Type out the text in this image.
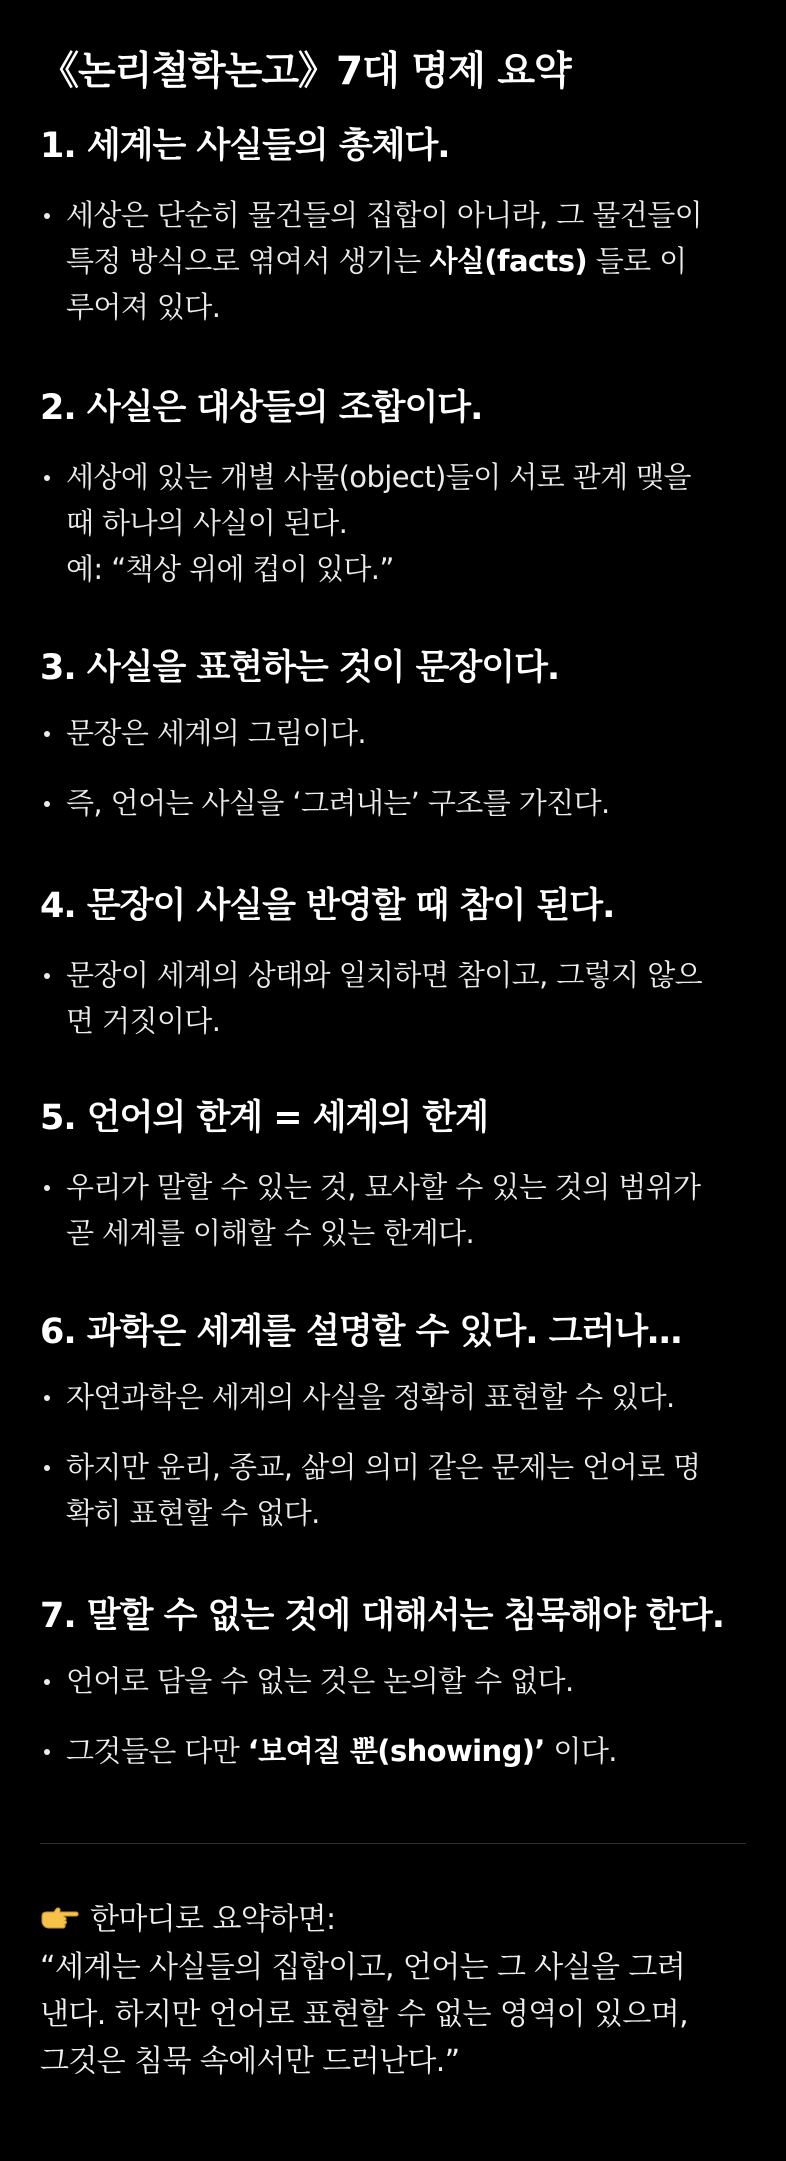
《논리철학논고》7대 명제 요약
1. 세계는 사실들의 총체다.
세상은 단순히 물건들의 집합이 아니라, 그 물건들이
특정 방식으로 엮여서 생기는 사실(facts) 들로 이
루어져 있다.
2. 사실은 대상들의 조합이다.
세상에 있는 개별 사물(object)들이 서로 관계 맺을
때 하나의 사실이 된다.
예: “책상 위에 컵이 있다.”
3. 사실을 표현하는 것이 문장이다.
문장은 세계의 그림이다.
즉, 언어는 사실을 ‘그려내는’ 구조를 가진다.
4. 문장이 사실을 반영할 때 참이 된다.
문장이 세계의 상태와 일치하면 참이고, 그렇지 않으
면 거짓이다.
5. 언어의 한계 = 세계의 한계
우리가 말할 수 있는 것, 묘사할 수 있는 것의 범위가
곧 세계를 이해할 수 있는 한계다.
6. 과학은 세계를 설명할 수 있다. 그러나…
자연과학은 세계의 사실을 정확히 표현할 수 있다.
하지만 윤리, 종교, 삶의 의미 같은 문제는 언어로 명
확히 표현할 수 없다.
7. 말할 수 없는 것에 대해서는 침묵해야 한다.
언어로 담을 수 없는 것은 논의할 수 없다.
그것들은 다만 ‘보여질 뿐(showing)’ 이다.
한마디로 요약하면:
“세계는 사실들의 집합이고, 언어는 그 사실을 그려
낸다. 하지만 언어로 표현할 수 없는 영역이 있으며,
그것은 침묵 속에서만 드러난다.”
